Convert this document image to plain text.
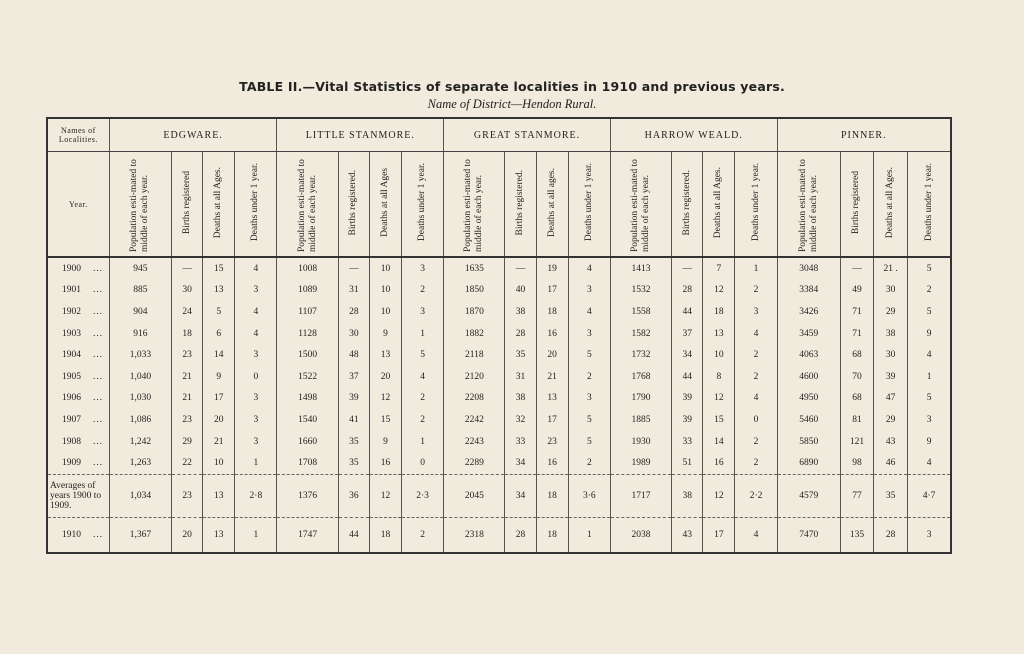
TABLE II.—Vital Statistics of separate localities in 1910 and previous years.
Name of District—Hendon Rural.
Names of Localities.	EDGWARE.				LITTLE STANMORE.				GREAT STANMORE.				HARROW WEALD.				PINNER.			
Year.	Population esti-mated to middle of each year.	Births registered	Deaths at all Ages.	Deaths under 1 year.	Population esti-mated to middle of each year.	Births registered.	Deaths at all Ages	Deaths under 1 year.	Population esti-mated to middle of each year.	Births registered.	Deaths at all ages.	Deaths under 1 year.	Population esti-mated to middle of each year.	Births registered.	Deaths at all Ages.	Deaths under 1 year.	Population esti-mated to middle of each year.	Births registered	Deaths at all Ages.	Deaths under 1 year.
1900 ...	945	—	15	4	1008	—	10	3	1635	—	19	4	1413	—	7	1	3048	—	21 .	5
1901 ...	885	30	13	3	1089	31	10	2	1850	40	17	3	1532	28	12	2	3384	49	30	2
1902 ...	904	24	5	4	1107	28	10	3	1870	38	18	4	1558	44	18	3	3426	71	29	5
1903 ...	916	18	6	4	1128	30	9	1	1882	28	16	3	1582	37	13	4	3459	71	38	9
1904 ...	1,033	23	14	3	1500	48	13	5	2118	35	20	5	1732	34	10	2	4063	68	30	4
1905 ...	1,040	21	9	0	1522	37	20	4	2120	31	21	2	1768	44	8	2	4600	70	39	1
1906 ...	1,030	21	17	3	1498	39	12	2	2208	38	13	3	1790	39	12	4	4950	68	47	5
1907 ...	1,086	23	20	3	1540	41	15	2	2242	32	17	5	1885	39	15	0	5460	81	29	3
1908 ...	1,242	29	21	3	1660	35	9	1	2243	33	23	5	1930	33	14	2	5850	121	43	9
1909 ...	1,263	22	10	1	1708	35	16	0	2289	34	16	2	1989	51	16	2	6890	98	46	4
Averages of years 1900 to 1909.	1,034	23	13	2·8	1376	36	12	2·3	2045	34	18	3·6	1717	38	12	2·2	4579	77	35	4·7
1910 ...	1,367	20	13	1	1747	44	18	2	2318	28	18	1	2038	43	17	4	7470	135	28	3
